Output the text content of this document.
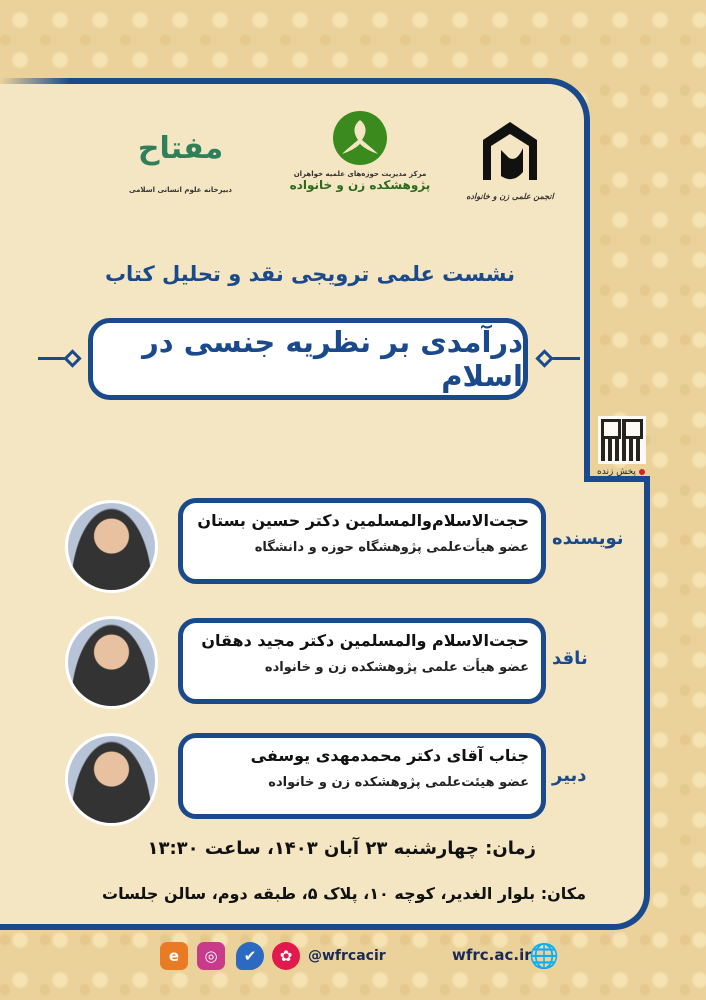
انجمن علمی زن و خانواده
مرکز مدیریت حوزه‌های علمیه خواهران
پژوهشکده زن و خانواده
مفتاح
دبیرخانه علوم انسانی اسلامی
نشست علمی ترویجی نقد و تحلیل کتاب
درآمدی بر نظریه جنسی در اسلام
پخش زنده
حجت‌الاسلام‌والمسلمین دکتر حسین بستان
عضو هیأت‌علمی پژوهشگاه حوزه و دانشگاه نویسنده
حجت‌الاسلام والمسلمین دکتر مجید دهقان
عضو هیأت علمی پژوهشکده زن و خانواده ناقد
جناب آقای دکتر محمدمهدی یوسفی
عضو هیئت‌علمی پژوهشکده زن و خانواده دبیر
زمان: چهارشنبه ۲۳ آبان ۱۴۰۳، ساعت ۱۳:۳۰
مکان: بلوار الغدیر، کوچه ۱۰، پلاک ۵، طبقه دوم، سالن جلسات
e	◎	✔	✿	@wfrcacir	wfrc.ac.ir
🌐
